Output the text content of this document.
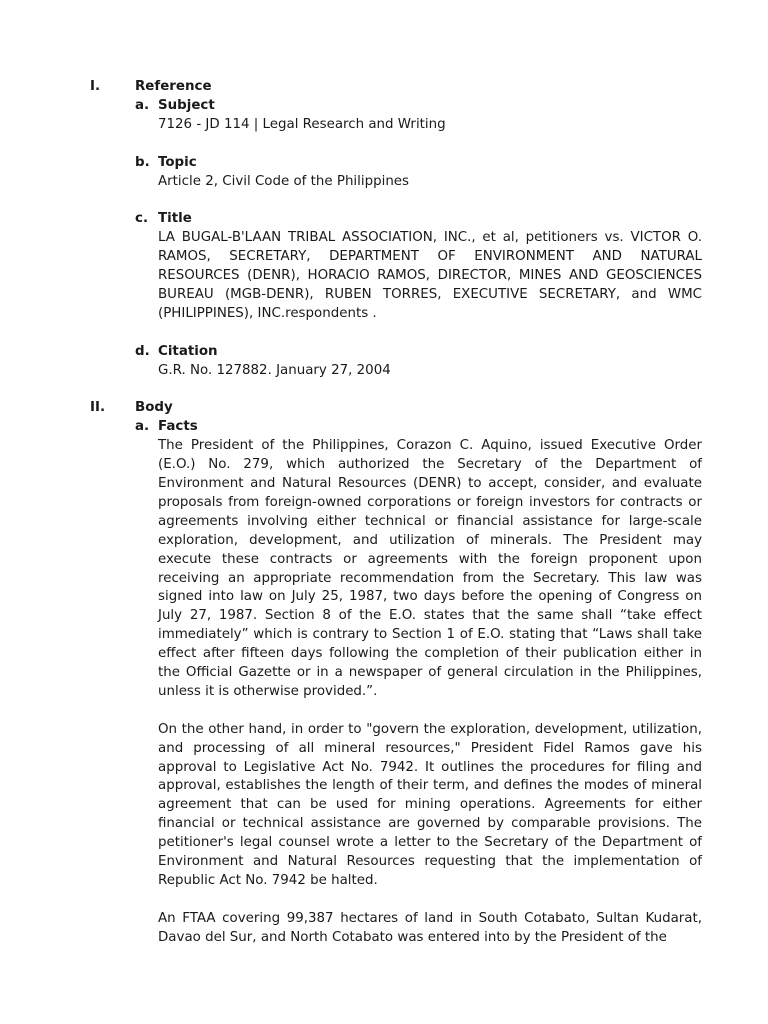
I.	Reference
a. Subject
7126 - JD 114 | Legal Research and Writing
b. Topic
Article 2, Civil Code of the Philippines
c. Title
LA BUGAL-B'LAAN TRIBAL ASSOCIATION, INC., et al, petitioners vs. VICTOR O. RAMOS, SECRETARY, DEPARTMENT OF ENVIRONMENT AND NATURAL RESOURCES (DENR), HORACIO RAMOS, DIRECTOR, MINES AND GEOSCIENCES BUREAU (MGB-DENR), RUBEN TORRES, EXECUTIVE SECRETARY, and WMC (PHILIPPINES), INC.respondents .
d. Citation
G.R. No. 127882. January 27, 2004
II. Body
a. Facts

The President of the Philippines, Corazon C. Aquino, issued Executive Order (E.O.) No. 279, which authorized the Secretary of the Department of Environment and Natural Resources (DENR) to accept, consider, and evaluate proposals from foreign-owned corporations or foreign investors for contracts or agreements involving either technical or financial assistance for large-scale exploration, development, and utilization of minerals. The President may execute these contracts or agreements with the foreign proponent upon receiving an appropriate recommendation from the Secretary. This law was signed into law on July 25, 1987, two days before the opening of Congress on July 27, 1987. Section 8 of the E.O. states that the same shall “take effect immediately” which is contrary to Section 1 of E.O. stating that “Laws shall take effect after fifteen days following the completion of their publication either in the Official Gazette or in a newspaper of general circulation in the Philippines, unless it is otherwise provided.”.

On the other hand, in order to "govern the exploration, development, utilization, and processing of all mineral resources," President Fidel Ramos gave his approval to Legislative Act No. 7942. It outlines the procedures for filing and approval, establishes the length of their term, and defines the modes of mineral agreement that can be used for mining operations. Agreements for either financial or technical assistance are governed by comparable provisions. The petitioner's legal counsel wrote a letter to the Secretary of the Department of Environment and Natural Resources requesting that the implementation of Republic Act No. 7942 be halted.

An FTAA covering 99,387 hectares of land in South Cotabato, Sultan Kudarat, Davao del Sur, and North Cotabato was entered into by the President of the
